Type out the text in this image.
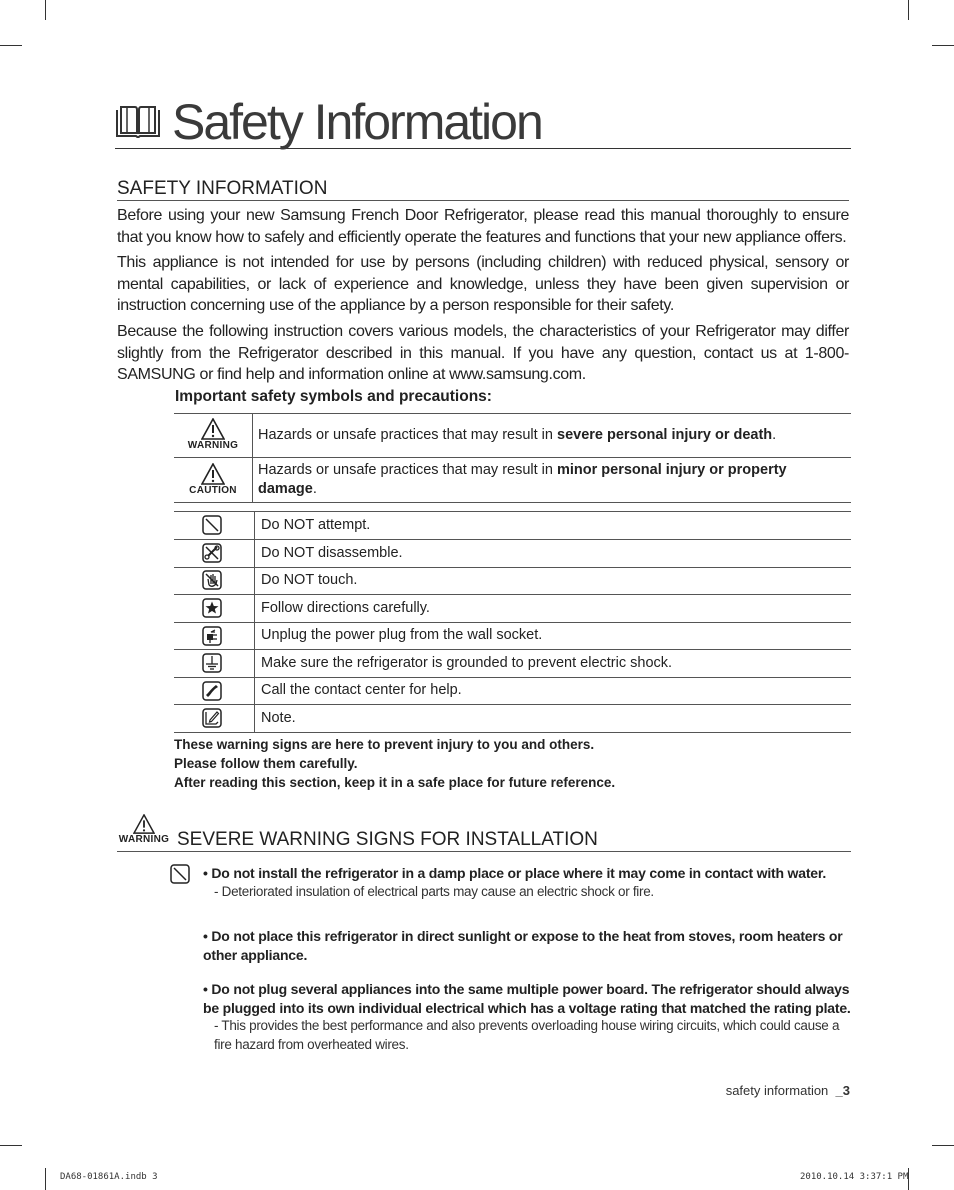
Safety Information
SAFETY INFORMATION
Before using your new Samsung French Door Refrigerator, please read this manual thoroughly to ensure that you know how to safely and efficiently operate the features and functions that your new appliance offers.
This appliance is not intended for use by persons (including children) with reduced physical, sensory or mental capabilities, or lack of experience and knowledge, unless they have been given supervision or instruction concerning use of the appliance by a person responsible for their safety.
Because the following instruction covers various models, the characteristics of your Refrigerator may differ slightly from the Refrigerator described in this manual. If you have any question, contact us at 1-800-SAMSUNG or find help and information online at www.samsung.com.
Important safety symbols and precautions:
WARNING
Hazards or unsafe practices that may result in severe personal injury or death.
CAUTION
Hazards or unsafe practices that may result in minor personal injury or property damage.
Do NOT attempt.
Do NOT disassemble.
Do NOT touch.
Follow directions carefully.
Unplug the power plug from the wall socket.
Make sure the refrigerator is grounded to prevent electric shock.
Call the contact center for help.
Note.
These warning signs are here to prevent injury to you and others.
Please follow them carefully.
After reading this section, keep it in a safe place for future reference.
WARNING SEVERE WARNING SIGNS FOR INSTALLATION
• Do not install the refrigerator in a damp place or place where it may come in contact with water.
- Deteriorated insulation of electrical parts may cause an electric shock or fire.
• Do not place this refrigerator in direct sunlight or expose to the heat from stoves, room heaters or other appliance.
• Do not plug several appliances into the same multiple power board. The refrigerator should always be plugged into its own individual electrical which has a voltage rating that matched the rating plate.
- This provides the best performance and also prevents overloading house wiring circuits, which could cause a fire hazard from overheated wires.
safety information _3
DA68-01861A.indb 3	2010.10.14 3:37:1 PM
